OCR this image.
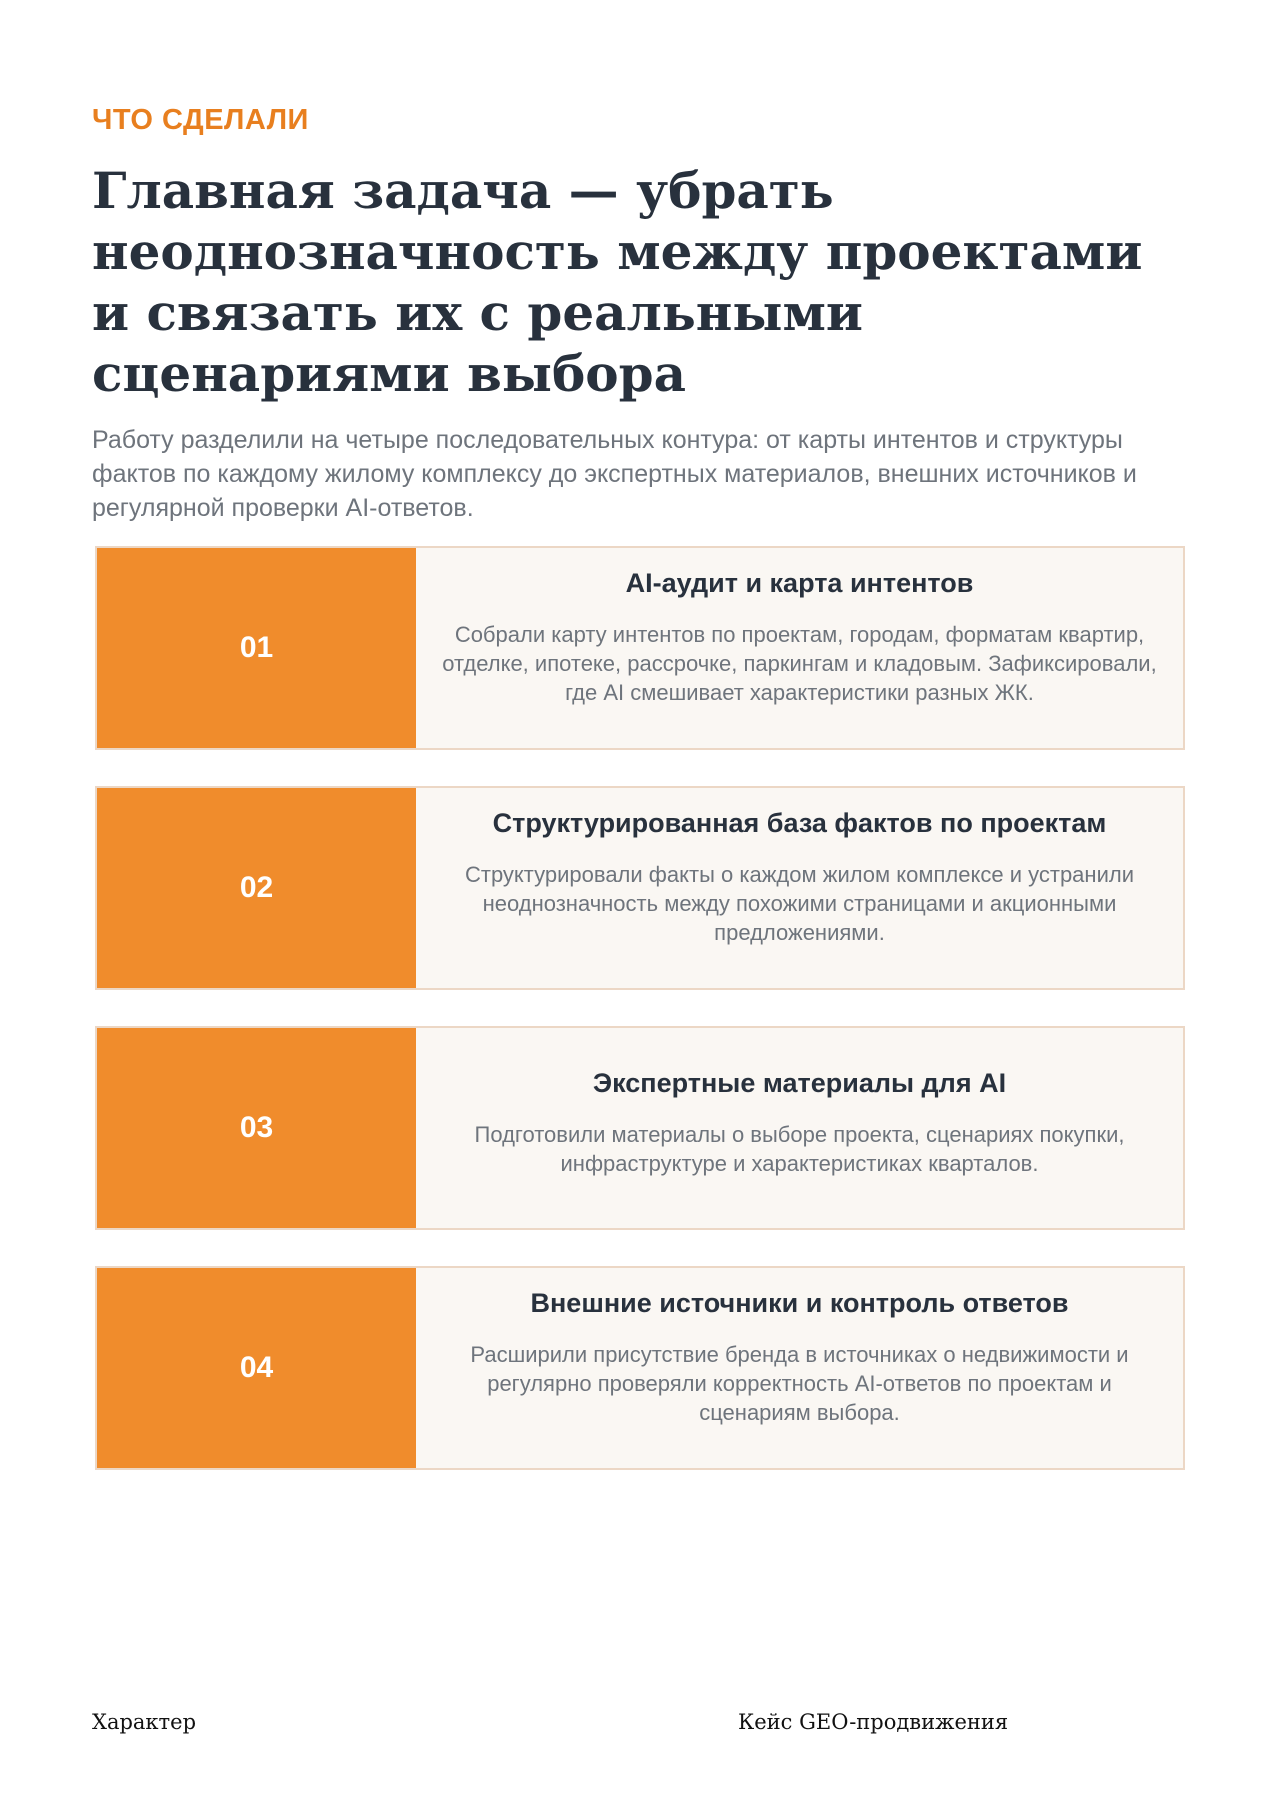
ЧТО СДЕЛАЛИ
Главная задача — убрать неоднозначность между проектами и связать их с реальными сценариями выбора

Работу разделили на четыре последовательных контура: от карты интентов и структуры фактов по каждому жилому комплексу до экспертных материалов, внешних источников и регулярной проверки AI-ответов.

01
AI-аудит и карта интентов

Собрали карту интентов по проектам, городам, форматам квартир, отделке, ипотеке, рассрочке, паркингам и кладовым. Зафиксировали, где AI смешивает характеристики разных ЖК.

02
Структурированная база фактов по проектам

Структурировали факты о каждом жилом комплексе и устранили неоднозначность между похожими страницами и акционными предложениями.

03
Экспертные материалы для AI

Подготовили материалы о выборе проекта, сценариях покупки, инфраструктуре и характеристиках кварталов.

04
Внешние источники и контроль ответов

Расширили присутствие бренда в источниках о недвижимости и регулярно проверяли корректность AI-ответов по проектам и сценариям выбора.

Характер	Кейс GEO-продвижения
